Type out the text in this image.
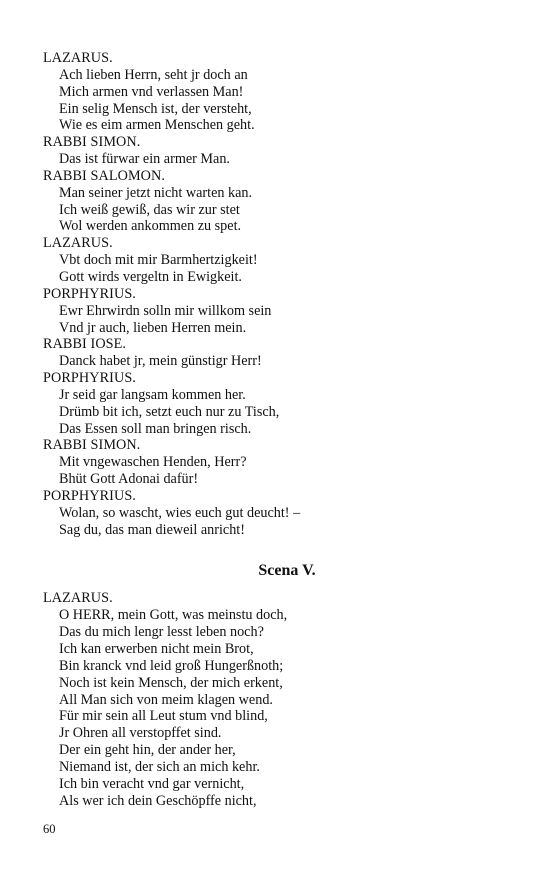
LAZARUS.
Ach lieben Herrn, seht jr doch an
Mich armen vnd verlassen Man!
Ein selig Mensch ist, der versteht,
Wie es eim armen Menschen geht.
RABBI SIMON.
Das ist fürwar ein armer Man.
RABBI SALOMON.
Man seiner jetzt nicht warten kan.
Ich weiß gewiß, das wir zur stet
Wol werden ankommen zu spet.
LAZARUS.
Vbt doch mit mir Barmhertzigkeit!
Gott wirds vergeltn in Ewigkeit.
PORPHYRIUS.
Ewr Ehrwirdn solln mir willkom sein
Vnd jr auch, lieben Herren mein.
RABBI IOSE.
Danck habet jr, mein günstigr Herr!
PORPHYRIUS.
Jr seid gar langsam kommen her.
Drümb bit ich, setzt euch nur zu Tisch,
Das Essen soll man bringen risch.
RABBI SIMON.
Mit vngewaschen Henden, Herr?
Bhüt Gott Adonai dafür!
PORPHYRIUS.
Wolan, so wascht, wies euch gut deucht! –
Sag du, das man dieweil anricht!
Scena V.
LAZARUS.
O HERR, mein Gott, was meinstu doch,
Das du mich lengr lesst leben noch?
Ich kan erwerben nicht mein Brot,
Bin kranck vnd leid groß Hungerßnoth;
Noch ist kein Mensch, der mich erkent,
All Man sich von meim klagen wend.
Für mir sein all Leut stum vnd blind,
Jr Ohren all verstopffet sind.
Der ein geht hin, der ander her,
Niemand ist, der sich an mich kehr.
Ich bin veracht vnd gar vernicht,
Als wer ich dein Geschöpffe nicht,
60
